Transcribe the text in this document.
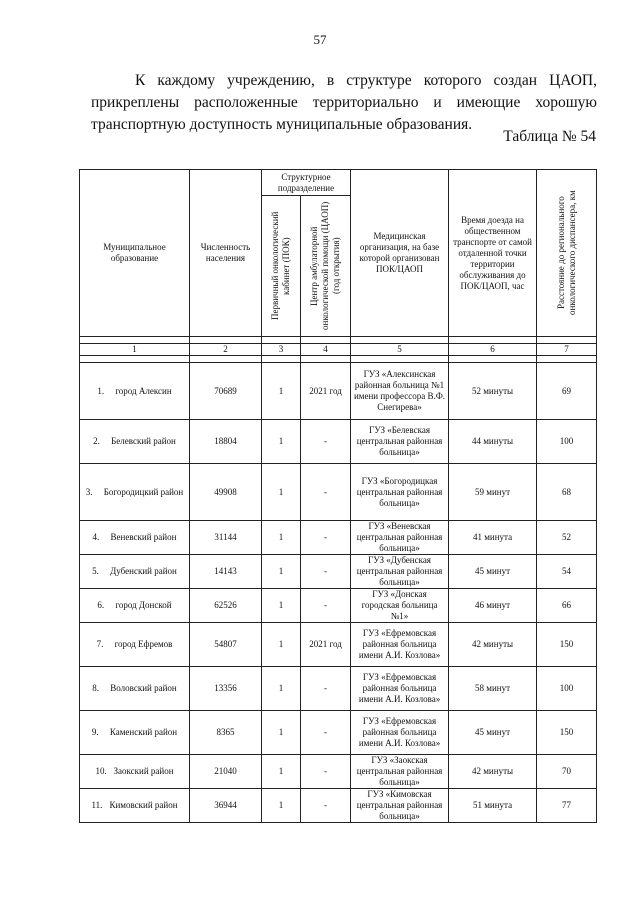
57
К каждому учреждению, в структуре которого создан ЦАОП, прикреплены расположенные территориально и имеющие хорошую транспортную доступность муниципальные образования.
Таблица № 54
Муниципальное образование	Численность населения	Структурное подразделение		Медицинская организация, на базе которой организован ПОК/ЦАОП	Время доезда на общественном транспорте от самой отдаленной точки территории обслуживания до ПОК/ЦАОП, час	Расстояние до регионального онкологического диспансера, км

		Первичный онкологический кабинет (ПОК)	Центр амбулаторной онкологической помощи (ЦАОП) (год открытия)			

1	2	3	4	5	6	7

1. город Алексин	70689	1	2021 год	ГУЗ «Алексинская районная больница №1 имени профессора В.Ф. Снегирева»	52 минуты	69
2. Белевский район	18804	1	-	ГУЗ «Белевская центральная районная больница»	44 минуты	100
3. Богородицкий район	49908	1	-	ГУЗ «Богородицкая центральная районная больница»	59 минут	68
4. Веневский район	31144	1	-	ГУЗ «Веневская центральная районная больница»	41 минута	52
5. Дубенский район	14143	1	-	ГУЗ «Дубенская центральная районная больница»	45 минут	54
6. город Донской	62526	1	-	ГУЗ «Донская городская больница №1»	46 минут	66
7. город Ефремов	54807	1	2021 год	ГУЗ «Ефремовская районная больница имени А.И. Козлова»	42 минуты	150
8. Воловский район	13356	1	-	ГУЗ «Ефремовская районная больница имени А.И. Козлова»	58 минут	100
9. Каменский район	8365	1	-	ГУЗ «Ефремовская районная больница имени А.И. Козлова»	45 минут	150
10. Заокский район	21040	1	-	ГУЗ «Заокская центральная районная больница»	42 минуты	70
11. Кимовский район	36944	1	-	ГУЗ «Кимовская центральная районная больница»	51 минута	77
